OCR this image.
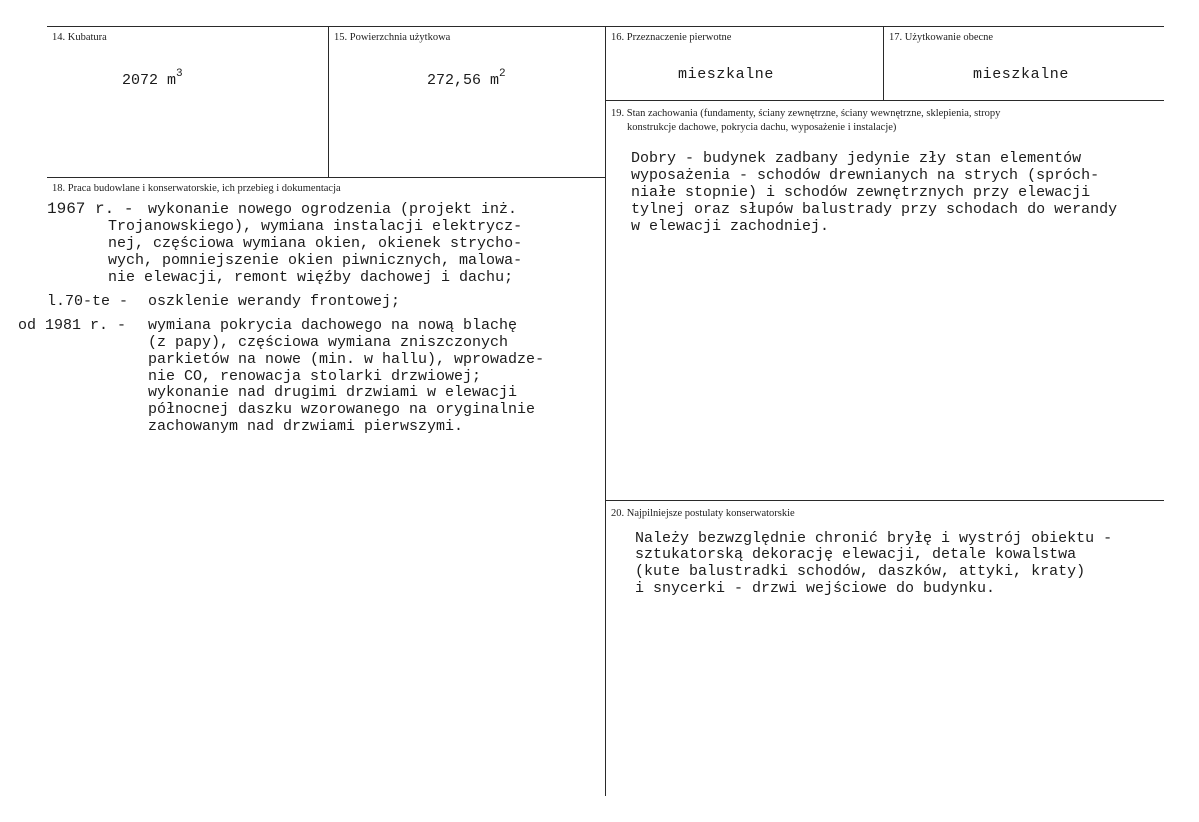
14. Kubatura
2072 $m^3$
15. Powierzchnia użytkowa
272,56 $m^2$
16. Przeznaczenie pierwotne
mieszkalne
17. Użytkowanie obecne
mieszkalne
18. Praca budowlane i konserwatorskie, ich przebieg i dokumentacja
1967 r. - wykonanie nowego ogrodzenia (projekt inż.
Trojanowskiego), wymiana instalacji elektrycz-
nej, częściowa wymiana okien, okienek strycho-
wych, pomniejszenie okien piwnicznych, malowa-
nie elewacji, remont więźby dachowej i dachu;
l.70-te - oszklenie werandy frontowej;
od 1981 r. - wymiana pokrycia dachowego na nową blachę
(z papy), częściowa wymiana zniszczonych
parkietów na nowe (min. w hallu), wprowadze-
nie CO, renowacja stolarki drzwiowej;
wykonanie nad drugimi drzwiami w elewacji
północnej daszku wzorowanego na oryginalnie
zachowanym nad drzwiami pierwszymi.
19. Stan zachowania (fundamenty, ściany zewnętrzne, ściany wewnętrzne, sklepienia, stropy
konstrukcje dachowe, pokrycia dachu, wyposażenie i instalacje)
Dobry - budynek zadbany jedynie zły stan elementów
wyposażenia - schodów drewnianych na strych (spróch-
niałe stopnie) i schodów zewnętrznych przy elewacji
tylnej oraz słupów balustrady przy schodach do werandy
w elewacji zachodniej.
20. Najpilniejsze postulaty konserwatorskie
Należy bezwzględnie chronić bryłę i wystrój obiektu -
sztukatorską dekorację elewacji, detale kowalstwa
(kute balustradki schodów, daszków, attyki, kraty)
i snycerki - drzwi wejściowe do budynku.
